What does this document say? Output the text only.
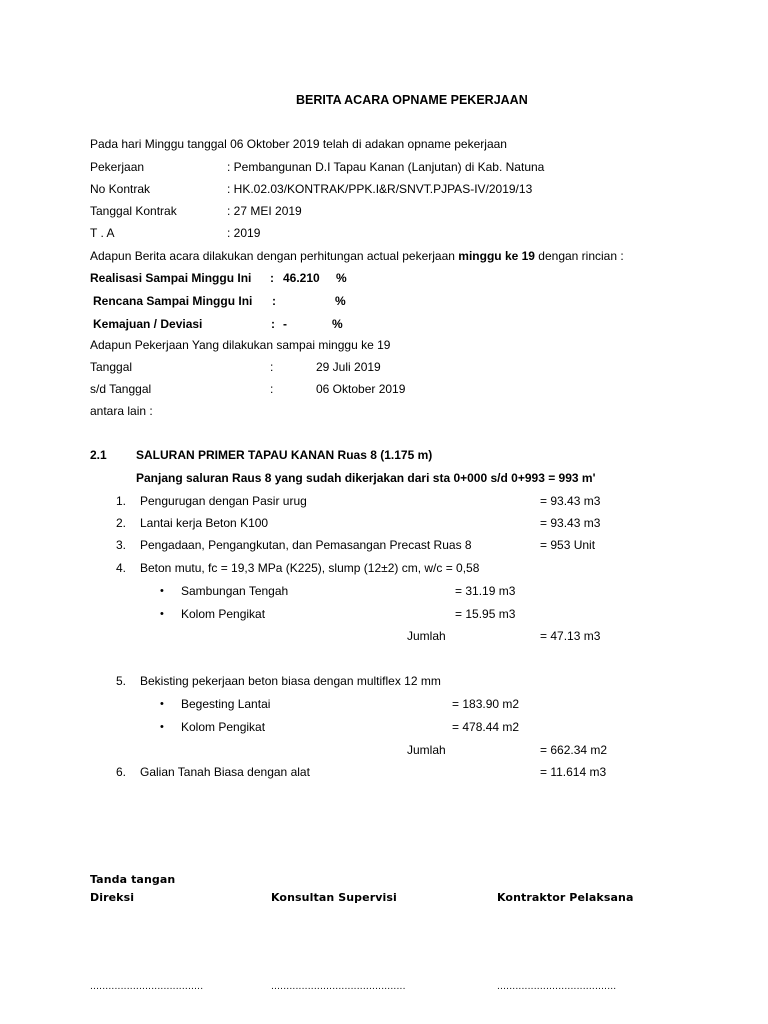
BERITA ACARA OPNAME PEKERJAAN
Pada hari Minggu tanggal 06 Oktober 2019 telah di adakan opname pekerjaan
Pekerjaan	: Pembangunan D.I Tapau Kanan (Lanjutan) di Kab. Natuna
No Kontrak	: HK.02.03/KONTRAK/PPK.I&R/SNVT.PJPAS-IV/2019/13
Tanggal Kontrak	: 27 MEI 2019
T . A	: 2019
Adapun Berita acara dilakukan dengan perhitungan actual pekerjaan minggu ke 19 dengan rincian :
Realisasi Sampai Minggu Ini : 46.210 %
Rencana Sampai Minggu Ini :	%
Kemajuan / Deviasi	: -	%
Adapun Pekerjaan Yang dilakukan sampai minggu ke 19
Tanggal	:	29 Juli 2019
s/d Tanggal	:	06 Oktober 2019
antara lain :
2.1 SALURAN PRIMER TAPAU KANAN Ruas 8 (1.175 m)
Panjang saluran Raus 8 yang sudah dikerjakan dari sta 0+000 s/d 0+993 = 993 m'
1. Pengurugan dengan Pasir urug	= 93.43 m3
2. Lantai kerja Beton K100	= 93.43 m3
3. Pengadaan, Pengangkutan, dan Pemasangan Precast Ruas 8	= 953 Unit
4. Beton mutu, fc = 19,3 MPa (K225), slump (12±2) cm, w/c = 0,58
• Sambungan Tengah	= 31.19 m3
• Kolom Pengikat	= 15.95 m3
Jumlah	= 47.13 m3
5. Bekisting pekerjaan beton biasa dengan multiflex 12 mm
• Begesting Lantai	= 183.90 m2
• Kolom Pengikat	= 478.44 m2
Jumlah	= 662.34 m2
6. Galian Tanah Biasa dengan alat	= 11.614 m3
Tanda tangan
Direksi	Konsultan Supervisi	Kontraktor Pelaksana
.....................................	............................................	.......................................
